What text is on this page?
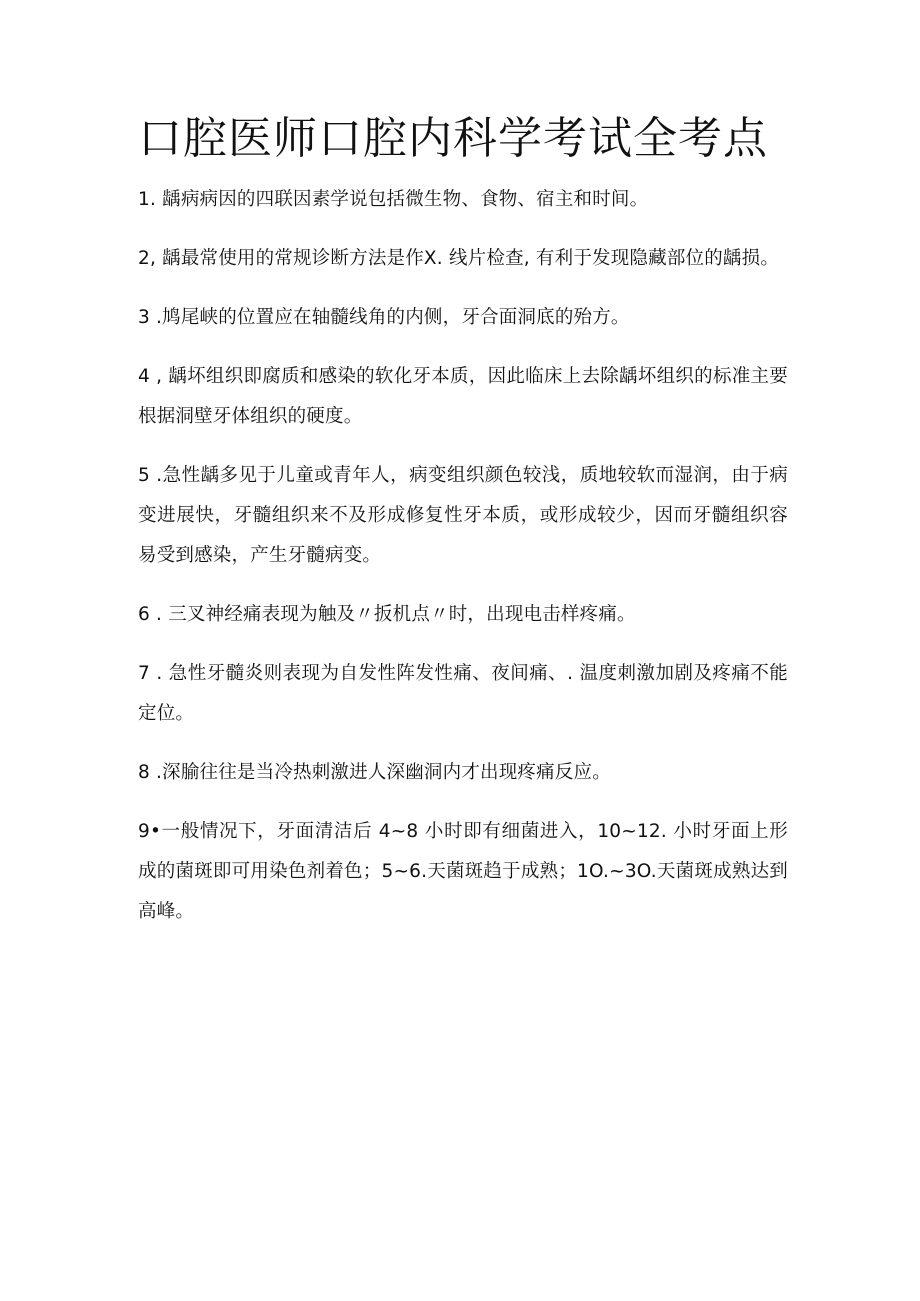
口腔医师口腔内科学考试全考点

1. 龋病病因的四联因素学说包括微生物、食物、宿主和时间。

2, 龋最常使用的常规诊断方法是作X. 线片检查, 有利于发现隐藏部位的龋损。

3 .鸠尾峡的位置应在轴髓线角的内侧，牙合面洞底的殆方。

4 , 龋坏组织即腐质和感染的软化牙本质，因此临床上去除龋坏组织的标准主要根据洞壁牙体组织的硬度。

5 .急性龋多见于儿童或青年人，病变组织颜色较浅，质地较软而湿润，由于病变进展快，牙髓组织来不及形成修复性牙本质，或形成较少，因而牙髓组织容易受到感染，产生牙髓病变。

6 . 三叉神经痛表现为触及〃扳机点〃时，出现电击样疼痛。

7 . 急性牙髓炎则表现为自发性阵发性痛、夜间痛、. 温度刺激加剧及疼痛不能定位。

8 .深腧往往是当冷热刺激进人深幽洞内才出现疼痛反应。

9•一般情况下，牙面清洁后 4~8 小时即有细菌进入，10~12. 小时牙面上形成的菌斑即可用染色剂着色；5~6.天菌斑趋于成熟；1O.~3O.天菌斑成熟达到高峰。
